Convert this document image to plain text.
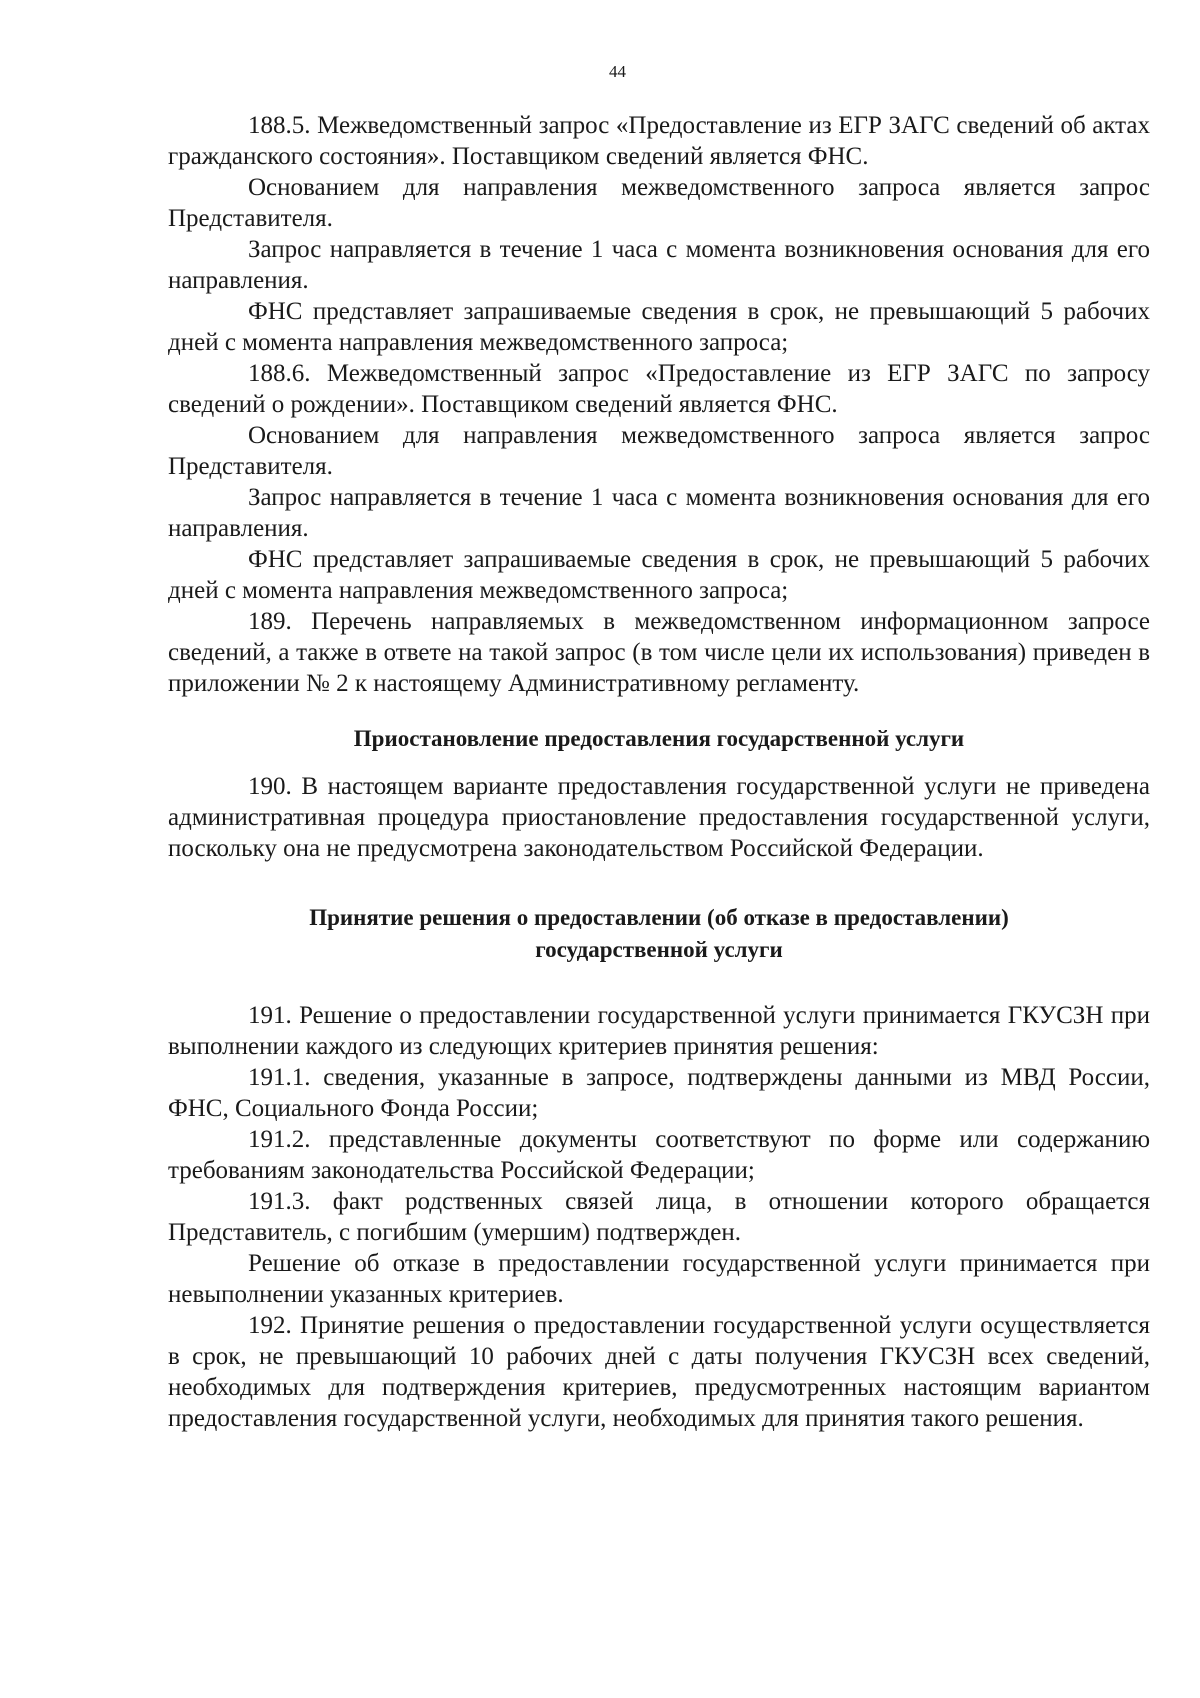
44

188.5. Межведомственный запрос «Предоставление из ЕГР ЗАГС сведений об актах гражданского состояния». Поставщиком сведений является ФНС.

Основанием для направления межведомственного запроса является запрос Представителя.

Запрос направляется в течение 1 часа с момента возникновения основания для его направления.

ФНС представляет запрашиваемые сведения в срок, не превышающий 5 рабочих дней с момента направления межведомственного запроса;

188.6. Межведомственный запрос «Предоставление из ЕГР ЗАГС по запросу сведений о рождении». Поставщиком сведений является ФНС.

Основанием для направления межведомственного запроса является запрос Представителя.

Запрос направляется в течение 1 часа с момента возникновения основания для его направления.

ФНС представляет запрашиваемые сведения в срок, не превышающий 5 рабочих дней с момента направления межведомственного запроса;

189. Перечень направляемых в межведомственном информационном запросе сведений, а также в ответе на такой запрос (в том числе цели их использования) приведен в приложении № 2 к настоящему Административному регламенту.

Приостановление предоставления государственной услуги

190. В настоящем варианте предоставления государственной услуги не приведена административная процедура приостановление предоставления государственной услуги, поскольку она не предусмотрена законодательством Российской Федерации.

Принятие решения о предоставлении (об отказе в предоставлении)
государственной услуги

191. Решение о предоставлении государственной услуги принимается ГКУСЗН при выполнении каждого из следующих критериев принятия решения:

191.1. сведения, указанные в запросе, подтверждены данными из МВД России, ФНС, Социального Фонда России;

191.2. представленные документы соответствуют по форме или содержанию требованиям законодательства Российской Федерации;

191.3. факт родственных связей лица, в отношении которого обращается Представитель, с погибшим (умершим) подтвержден.

Решение об отказе в предоставлении государственной услуги принимается при невыполнении указанных критериев.

192. Принятие решения о предоставлении государственной услуги осуществляется в срок, не превышающий 10 рабочих дней с даты получения ГКУСЗН всех сведений, необходимых для подтверждения критериев, предусмотренных настоящим вариантом предоставления государственной услуги, необходимых для принятия такого решения.
